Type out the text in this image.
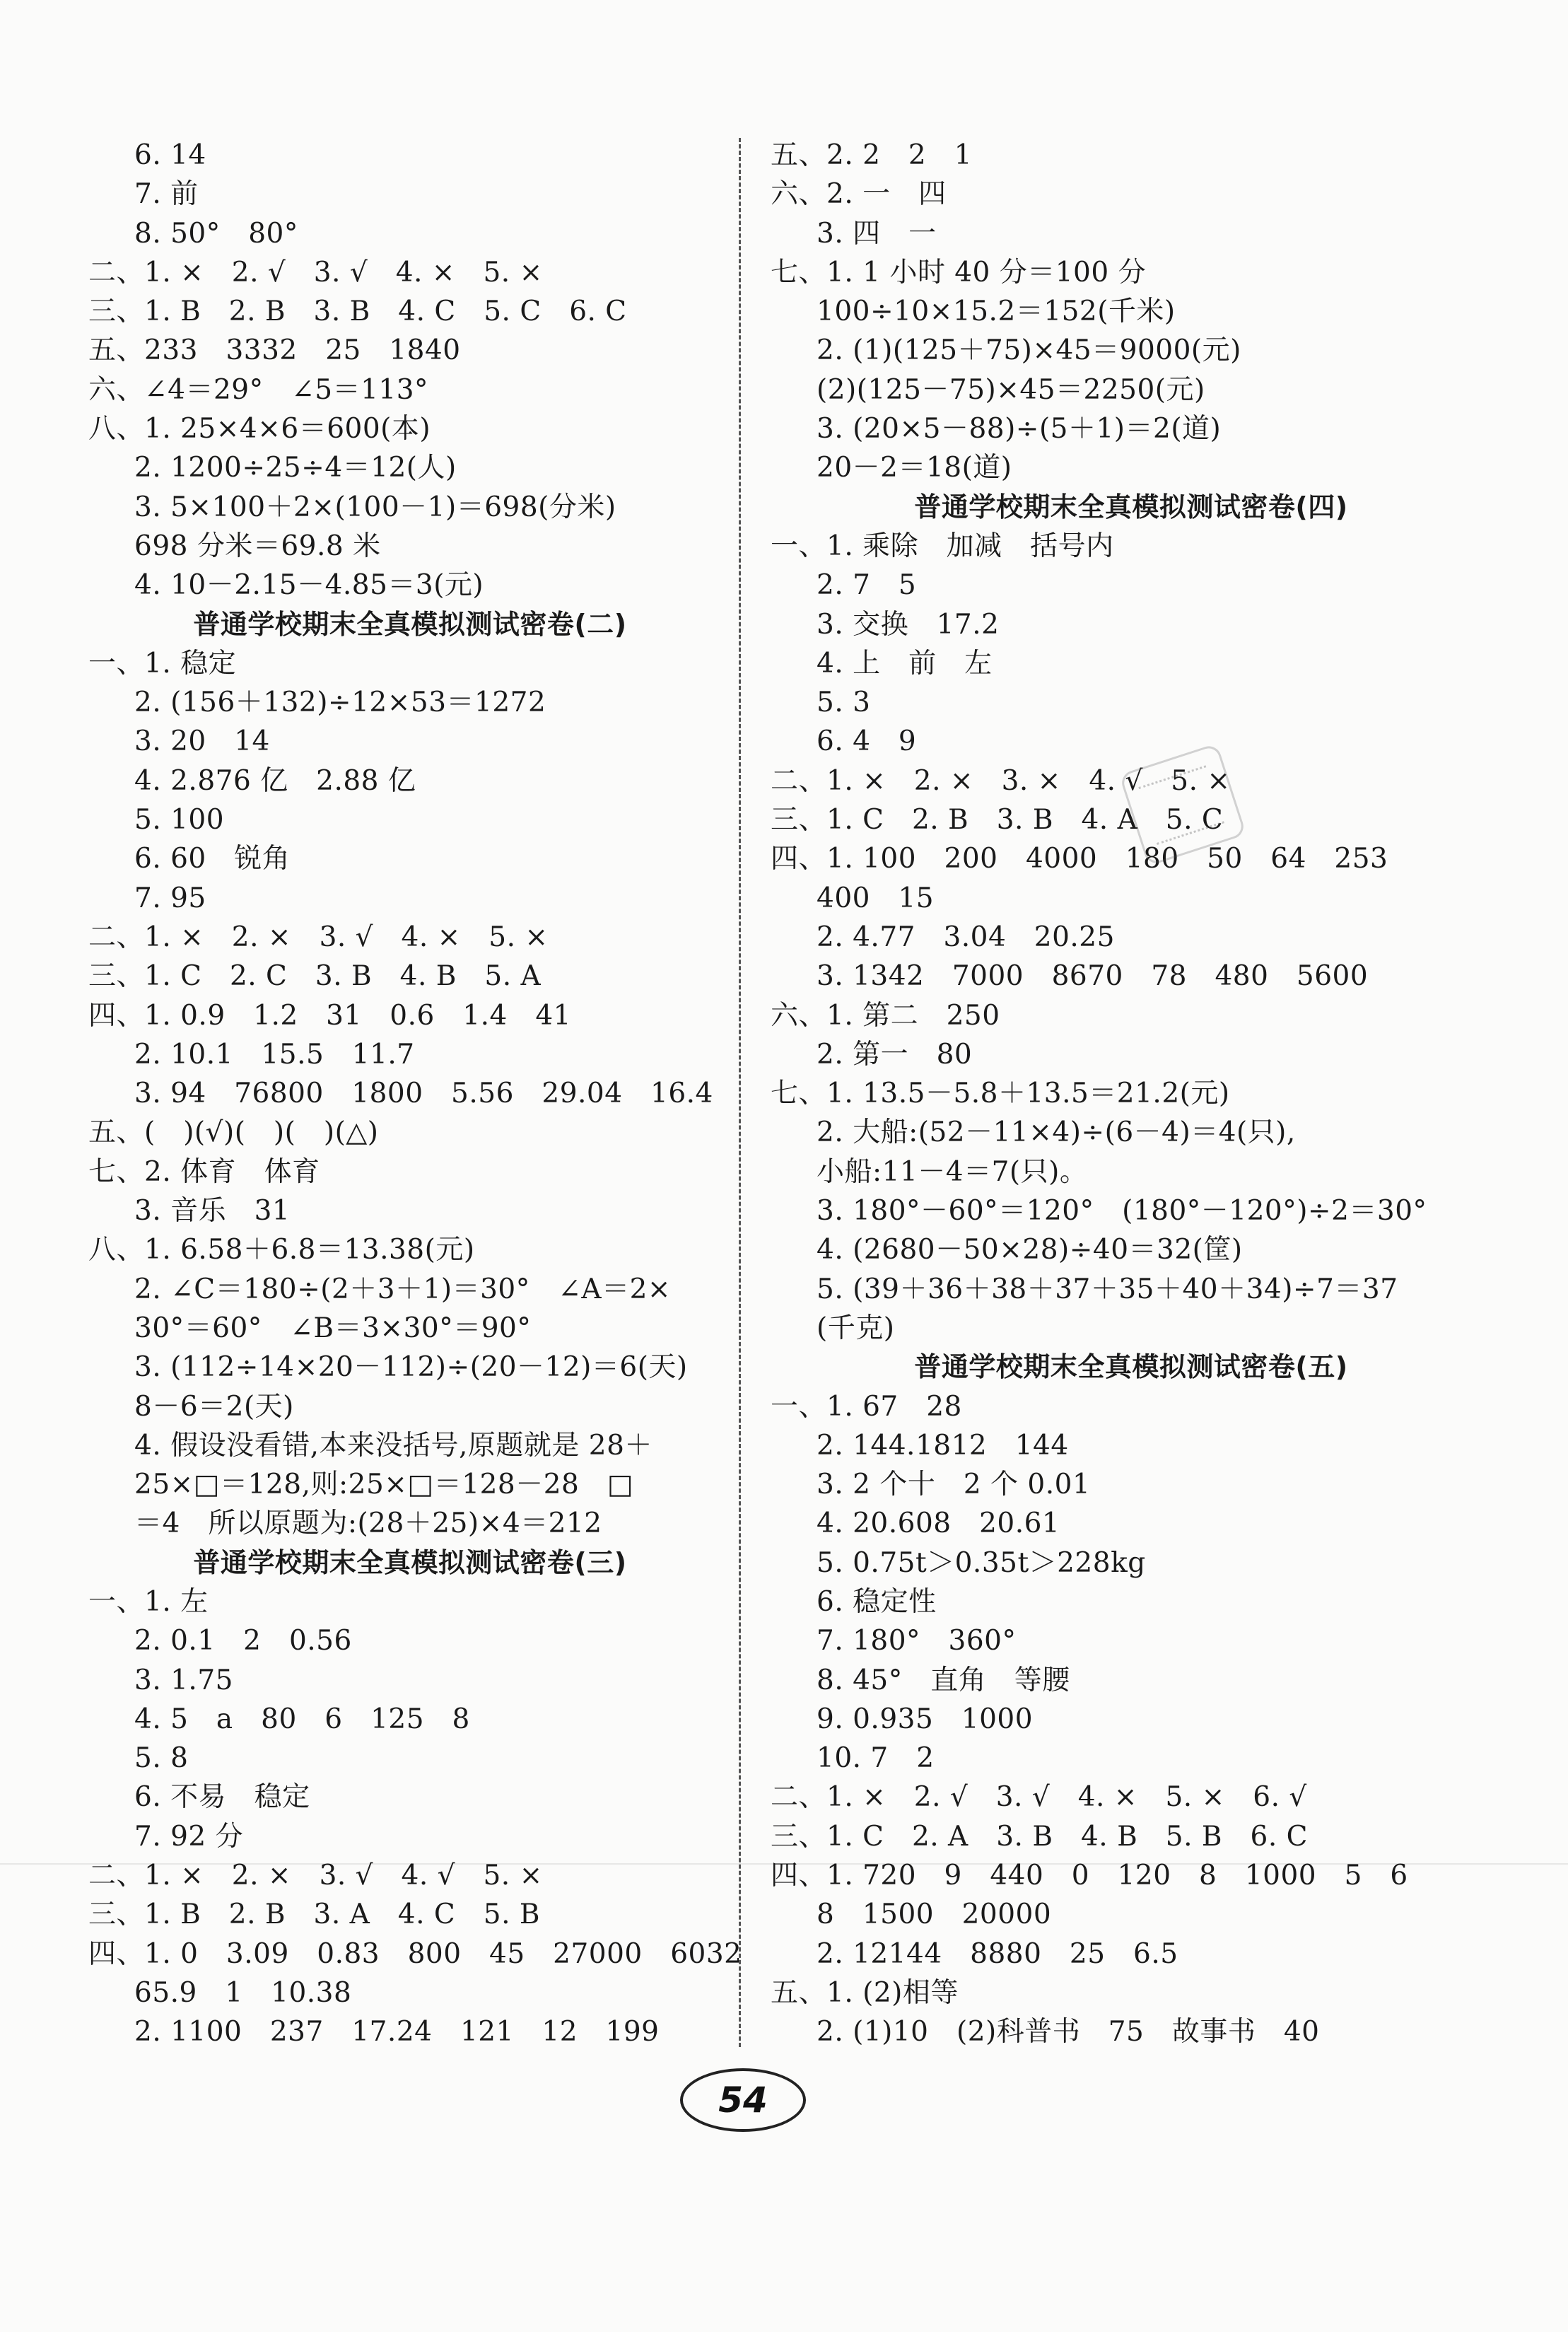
6. 14
7. 前
8. 50°　80°
二、1. ×　2. √　3. √　4. ×　5. ×
三、1. B　2. B　3. B　4. C　5. C　6. C
五、233　3332　25　1840
六、∠4＝29°　∠5＝113°
八、1. 25×4×6＝600(本)
2. 1200÷25÷4＝12(人)
3. 5×100＋2×(100－1)＝698(分米)
698 分米＝69.8 米
4. 10－2.15－4.85＝3(元)
普通学校期末全真模拟测试密卷(二)
一、1. 稳定
2. (156＋132)÷12×53＝1272
3. 20　14
4. 2.876 亿　2.88 亿
5. 100
6. 60　锐角
7. 95
二、1. ×　2. ×　3. √　4. ×　5. ×
三、1. C　2. C　3. B　4. B　5. A
四、1. 0.9　1.2　31　0.6　1.4　41
2. 10.1　15.5　11.7
3. 94　76800　1800　5.56　29.04　16.4
五、(　)(√)(　)(　)(△)
七、2. 体育　体育
3. 音乐　31
八、1. 6.58＋6.8＝13.38(元)
2. ∠C＝180÷(2＋3＋1)＝30°　∠A＝2×
30°＝60°　∠B＝3×30°＝90°
3. (112÷14×20－112)÷(20－12)＝6(天)
8－6＝2(天)
4. 假设没看错,本来没括号,原题就是 28＋
25×□＝128,则:25×□＝128－28　□
＝4　所以原题为:(28＋25)×4＝212
普通学校期末全真模拟测试密卷(三)
一、1. 左
2. 0.1　2　0.56
3. 1.75
4. 5　a　80　6　125　8
5. 8
6. 不易　稳定
7. 92 分
二、1. ×　2. ×　3. √　4. √　5. ×
三、1. B　2. B　3. A　4. C　5. B
四、1. 0　3.09　0.83　800　45　27000　6032
65.9　1　10.38
2. 1100　237　17.24　121　12　199
五、2. 2　2　1
六、2. 一　四
3. 四　一
七、1. 1 小时 40 分＝100 分
100÷10×15.2＝152(千米)
2. (1)(125＋75)×45＝9000(元)
(2)(125－75)×45＝2250(元)
3. (20×5－88)÷(5＋1)＝2(道)
20－2＝18(道)
普通学校期末全真模拟测试密卷(四)
一、1. 乘除　加减　括号内
2. 7　5
3. 交换　17.2
4. 上　前　左
5. 3
6. 4　9
二、1. ×　2. ×　3. ×　4. √　5. ×
三、1. C　2. B　3. B　4. A　5. C
四、1. 100　200　4000　180　50　64　253
400　15
2. 4.77　3.04　20.25
3. 1342　7000　8670　78　480　5600
六、1. 第二　250
2. 第一　80
七、1. 13.5－5.8＋13.5＝21.2(元)
2. 大船:(52－11×4)÷(6－4)＝4(只),
小船:11－4＝7(只)。
3. 180°－60°＝120°　(180°－120°)÷2＝30°
4. (2680－50×28)÷40＝32(筐)
5. (39＋36＋38＋37＋35＋40＋34)÷7＝37
(千克)
普通学校期末全真模拟测试密卷(五)
一、1. 67　28
2. 144.1812　144
3. 2 个十　2 个 0.01
4. 20.608　20.61
5. 0.75t＞0.35t＞228kg
6. 稳定性
7. 180°　360°
8. 45°　直角　等腰
9. 0.935　1000
10. 7　2
二、1. ×　2. √　3. √　4. ×　5. ×　6. √
三、1. C　2. A　3. B　4. B　5. B　6. C
四、1. 720　9　440　0　120　8　1000　5　6
8　1500　20000
2. 12144　8880　25　6.5
五、1. (2)相等
2. (1)10　(2)科普书　75　故事书　40
54
